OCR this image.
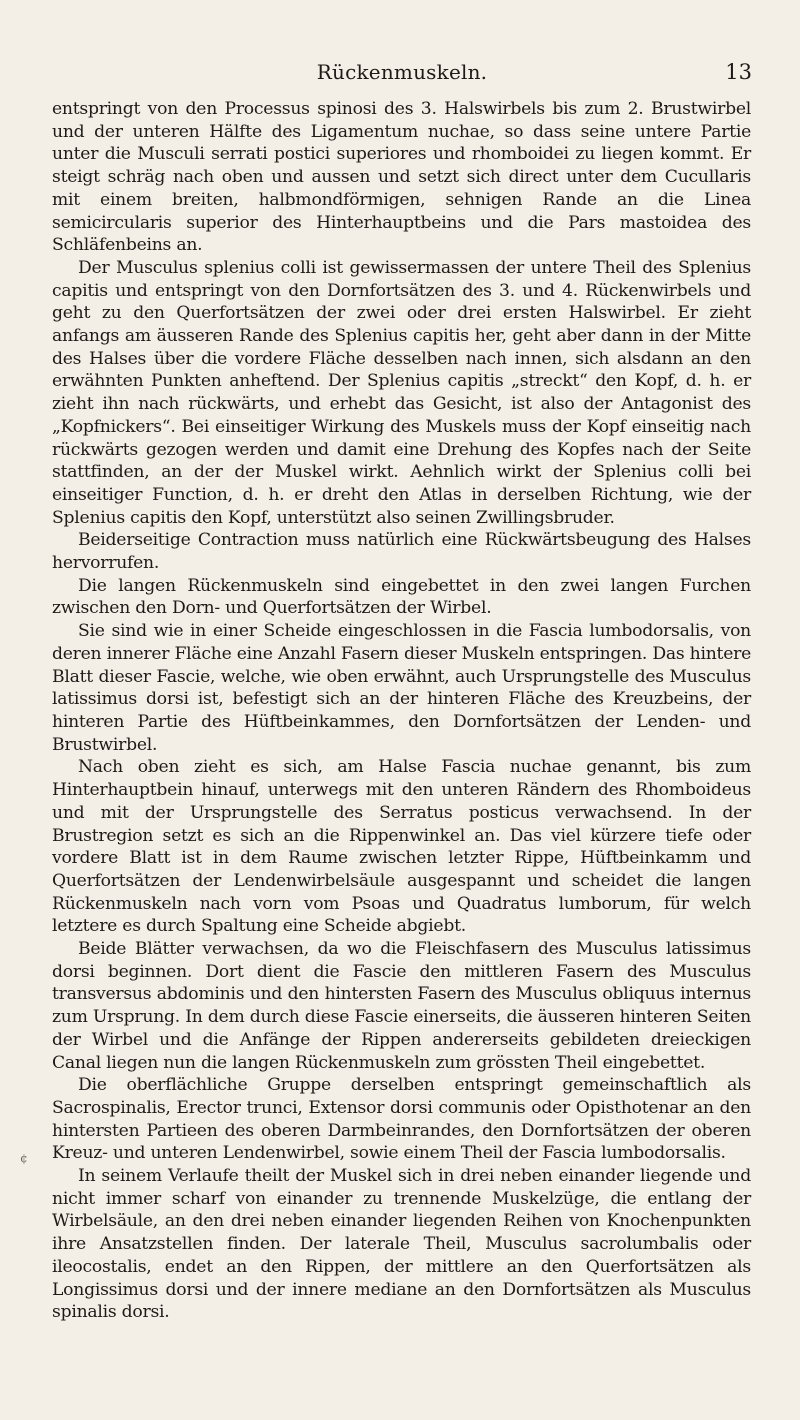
Rückenmuskeln.	13

entspringt von den Processus spinosi des 3. Halswirbels bis zum 2. Brustwirbel und der unteren Hälfte des Ligamentum nuchae, so dass seine untere Partie unter die Musculi serrati postici superiores und rhomboidei zu liegen kommt. Er steigt schräg nach oben und aussen und setzt sich direct unter dem Cucullaris mit einem breiten, halbmondförmigen, sehnigen Rande an die Linea semicircularis superior des Hinterhauptbeins und die Pars mastoidea des Schläfenbeins an.

Der Musculus splenius colli ist gewissermassen der untere Theil des Splenius capitis und entspringt von den Dornfortsätzen des 3. und 4. Rückenwirbels und geht zu den Querfortsätzen der zwei oder drei ersten Halswirbel. Er zieht anfangs am äusseren Rande des Splenius capitis her, geht aber dann in der Mitte des Halses über die vordere Fläche desselben nach innen, sich alsdann an den erwähnten Punkten anheftend. Der Splenius capitis „streckt“ den Kopf, d. h. er zieht ihn nach rückwärts, und erhebt das Gesicht, ist also der Antagonist des „Kopfnickers“. Bei einseitiger Wirkung des Muskels muss der Kopf einseitig nach rückwärts gezogen werden und damit eine Drehung des Kopfes nach der Seite stattfinden, an der der Muskel wirkt. Aehnlich wirkt der Splenius colli bei einseitiger Function, d. h. er dreht den Atlas in derselben Richtung, wie der Splenius capitis den Kopf, unterstützt also seinen Zwillingsbruder.

Beiderseitige Contraction muss natürlich eine Rückwärtsbeugung des Halses hervorrufen.

Die langen Rückenmuskeln sind eingebettet in den zwei langen Furchen zwischen den Dorn- und Querfortsätzen der Wirbel.

Sie sind wie in einer Scheide eingeschlossen in die Fascia lumbodorsalis, von deren innerer Fläche eine Anzahl Fasern dieser Muskeln entspringen. Das hintere Blatt dieser Fascie, welche, wie oben erwähnt, auch Ursprungstelle des Musculus latissimus dorsi ist, befestigt sich an der hinteren Fläche des Kreuzbeins, der hinteren Partie des Hüftbeinkammes, den Dornfortsätzen der Lenden- und Brustwirbel.

Nach oben zieht es sich, am Halse Fascia nuchae genannt, bis zum Hinterhauptbein hinauf, unterwegs mit den unteren Rändern des Rhomboideus und mit der Ursprungstelle des Serratus posticus verwachsend. In der Brustregion setzt es sich an die Rippenwinkel an. Das viel kürzere tiefe oder vordere Blatt ist in dem Raume zwischen letzter Rippe, Hüftbeinkamm und Querfortsätzen der Lendenwirbelsäule ausgespannt und scheidet die langen Rückenmuskeln nach vorn vom Psoas und Quadratus lumborum, für welch letztere es durch Spaltung eine Scheide abgiebt.

Beide Blätter verwachsen, da wo die Fleischfasern des Musculus latissimus dorsi beginnen. Dort dient die Fascie den mittleren Fasern des Musculus transversus abdominis und den hintersten Fasern des Musculus obliquus internus zum Ursprung. In dem durch diese Fascie einerseits, die äusseren hinteren Seiten der Wirbel und die Anfänge der Rippen andererseits gebildeten dreieckigen Canal liegen nun die langen Rückenmuskeln zum grössten Theil eingebettet.

Die oberflächliche Gruppe derselben entspringt gemeinschaftlich als Sacrospinalis, Erector trunci, Extensor dorsi communis oder Opisthotenar an den hintersten Partieen des oberen Darmbeinrandes, den Dornfortsätzen der oberen Kreuz- und unteren Lendenwirbel, sowie einem Theil der Fascia lumbodorsalis.

In seinem Verlaufe theilt der Muskel sich in drei neben einander liegende und nicht immer scharf von einander zu trennende Muskelzüge, die entlang der Wirbelsäule, an den drei neben einander liegenden Reihen von Knochenpunkten ihre Ansatzstellen finden. Der laterale Theil, Musculus sacrolumbalis oder ileocostalis, endet an den Rippen, der mittlere an den Querfortsätzen als Longissimus dorsi und der innere mediane an den Dornfortsätzen als Musculus spinalis dorsi.

¢
